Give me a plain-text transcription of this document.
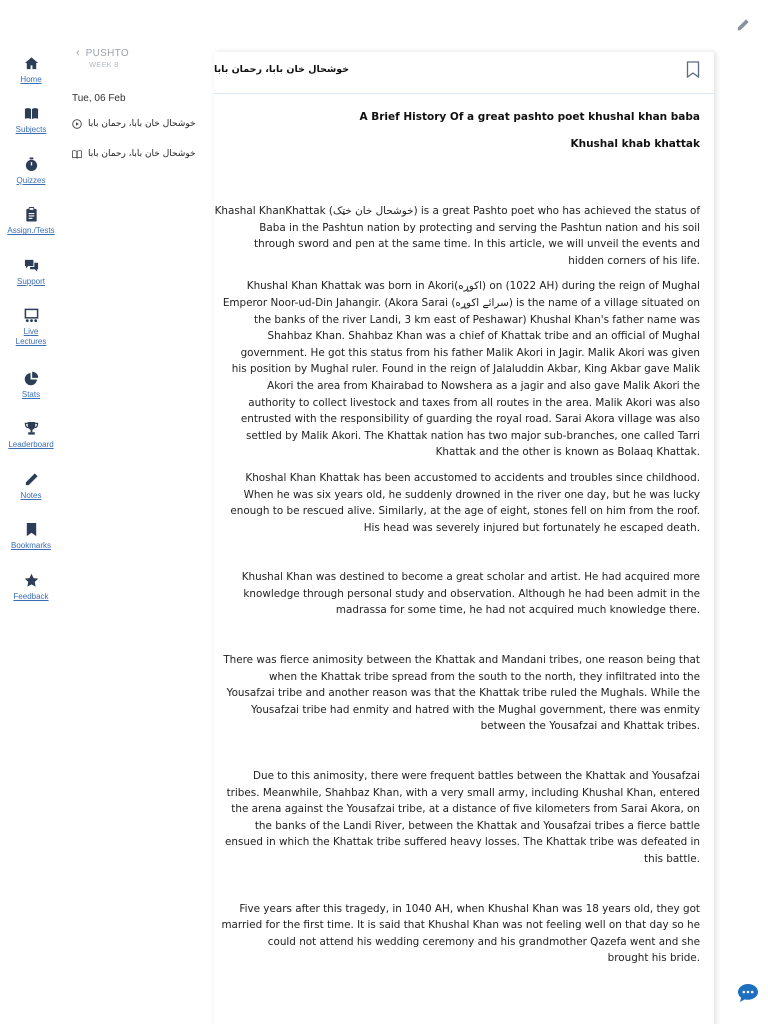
Home
Subjects
Quizzes
Assign./Tests
Support
Live Lectures
Stats
Leaderboard
Notes
Bookmarks
Feedback
‹ PUSHTO
WEEK 8
Tue, 06 Feb
خوشحال خان بابا، رحمان بابا
خوشحال خان بابا، رحمان بابا
خوشحال خان بابا، رحمان بابا
A Brief History Of a great pashto poet khushal khan baba
Khushal khab khattak
Khashal KhanKhattak (خوشحال خان خټک) is a great Pashto poet who has achieved the status of
Baba in the Pashtun nation by protecting and serving the Pashtun nation and his soil
through sword and pen at the same time. In this article, we will unveil the events and
hidden corners of his life.
Khushal Khan Khattak was born in Akori(اکوړه) on (1022 AH) during the reign of Mughal
Emperor Noor-ud-Din Jahangir. (Akora Sarai (سرائے اکوړه) is the name of a village situated on
the banks of the river Landi, 3 km east of Peshawar) Khushal Khan's father name was
Shahbaz Khan. Shahbaz Khan was a chief of Khattak tribe and an official of Mughal
government. He got this status from his father Malik Akori in Jagir. Malik Akori was given
his position by Mughal ruler. Found in the reign of Jalaluddin Akbar, King Akbar gave Malik
Akori the area from Khairabad to Nowshera as a jagir and also gave Malik Akori the
authority to collect livestock and taxes from all routes in the area. Malik Akori was also
entrusted with the responsibility of guarding the royal road. Sarai Akora village was also
settled by Malik Akori. The Khattak nation has two major sub-branches, one called Tarri
Khattak and the other is known as Bolaaq Khattak.
Khoshal Khan Khattak has been accustomed to accidents and troubles since childhood.
When he was six years old, he suddenly drowned in the river one day, but he was lucky
enough to be rescued alive. Similarly, at the age of eight, stones fell on him from the roof.
His head was severely injured but fortunately he escaped death.
Khushal Khan was destined to become a great scholar and artist. He had acquired more
knowledge through personal study and observation. Although he had been admit in the
madrassa for some time, he had not acquired much knowledge there.
There was fierce animosity between the Khattak and Mandani tribes, one reason being that
when the Khattak tribe spread from the south to the north, they infiltrated into the
Yousafzai tribe and another reason was that the Khattak tribe ruled the Mughals. While the
Yousafzai tribe had enmity and hatred with the Mughal government, there was enmity
between the Yousafzai and Khattak tribes.
Due to this animosity, there were frequent battles between the Khattak and Yousafzai
tribes. Meanwhile, Shahbaz Khan, with a very small army, including Khushal Khan, entered
the arena against the Yousafzai tribe, at a distance of five kilometers from Sarai Akora, on
the banks of the Landi River, between the Khattak and Yousafzai tribes a fierce battle
ensued in which the Khattak tribe suffered heavy losses. The Khattak tribe was defeated in
this battle.
Five years after this tragedy, in 1040 AH, when Khushal Khan was 18 years old, they got
married for the first time. It is said that Khushal Khan was not feeling well on that day so he
could not attend his wedding ceremony and his grandmother Qazefa went and she
brought his bride.
